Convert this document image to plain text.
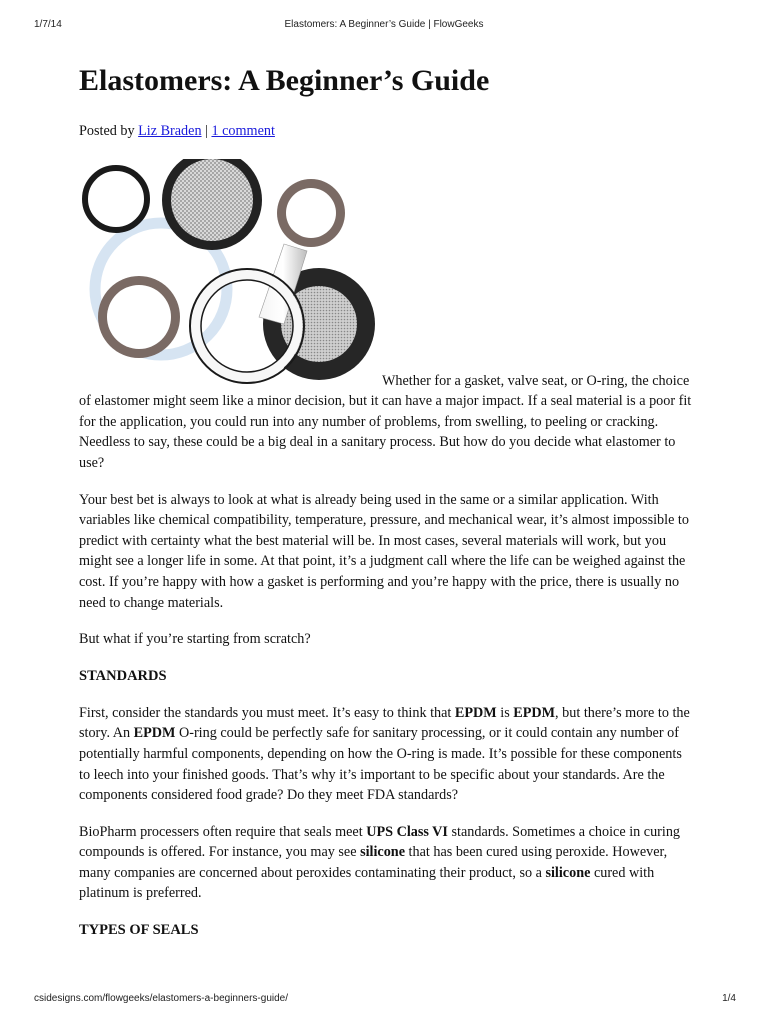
1/7/14	Elastomers: A Beginner’s Guide | FlowGeeks
Elastomers: A Beginner’s Guide
Posted by Liz Braden | 1 comment

Whether for a gasket, valve seat, or O-ring, the choice of elastomer might seem like a minor decision, but it can have a major impact. If a seal material is a poor fit for the application, you could run into any number of problems, from swelling, to peeling or cracking. Needless to say, these could be a big deal in a sanitary process. But how do you decide what elastomer to use?

Your best bet is always to look at what is already being used in the same or a similar application. With variables like chemical compatibility, temperature, pressure, and mechanical wear, it’s almost impossible to predict with certainty what the best material will be. In most cases, several materials will work, but you might see a longer life in some. At that point, it’s a judgment call where the life can be weighed against the cost. If you’re happy with how a gasket is performing and you’re happy with the price, there is usually no need to change materials.

But what if you’re starting from scratch?

STANDARDS

First, consider the standards you must meet. It’s easy to think that EPDM is EPDM, but there’s more to the story. An EPDM O-ring could be perfectly safe for sanitary processing, or it could contain any number of potentially harmful components, depending on how the O-ring is made. It’s possible for these components to leech into your finished goods. That’s why it’s important to be specific about your standards. Are the components considered food grade? Do they meet FDA standards?

BioPharm processers often require that seals meet UPS Class VI standards. Sometimes a choice in curing compounds is offered. For instance, you may see silicone that has been cured using peroxide. However, many companies are concerned about peroxides contaminating their product, so a silicone cured with platinum is preferred.

TYPES OF SEALS
csidesigns.com/flowgeeks/elastomers-a-beginners-guide/	1/4
